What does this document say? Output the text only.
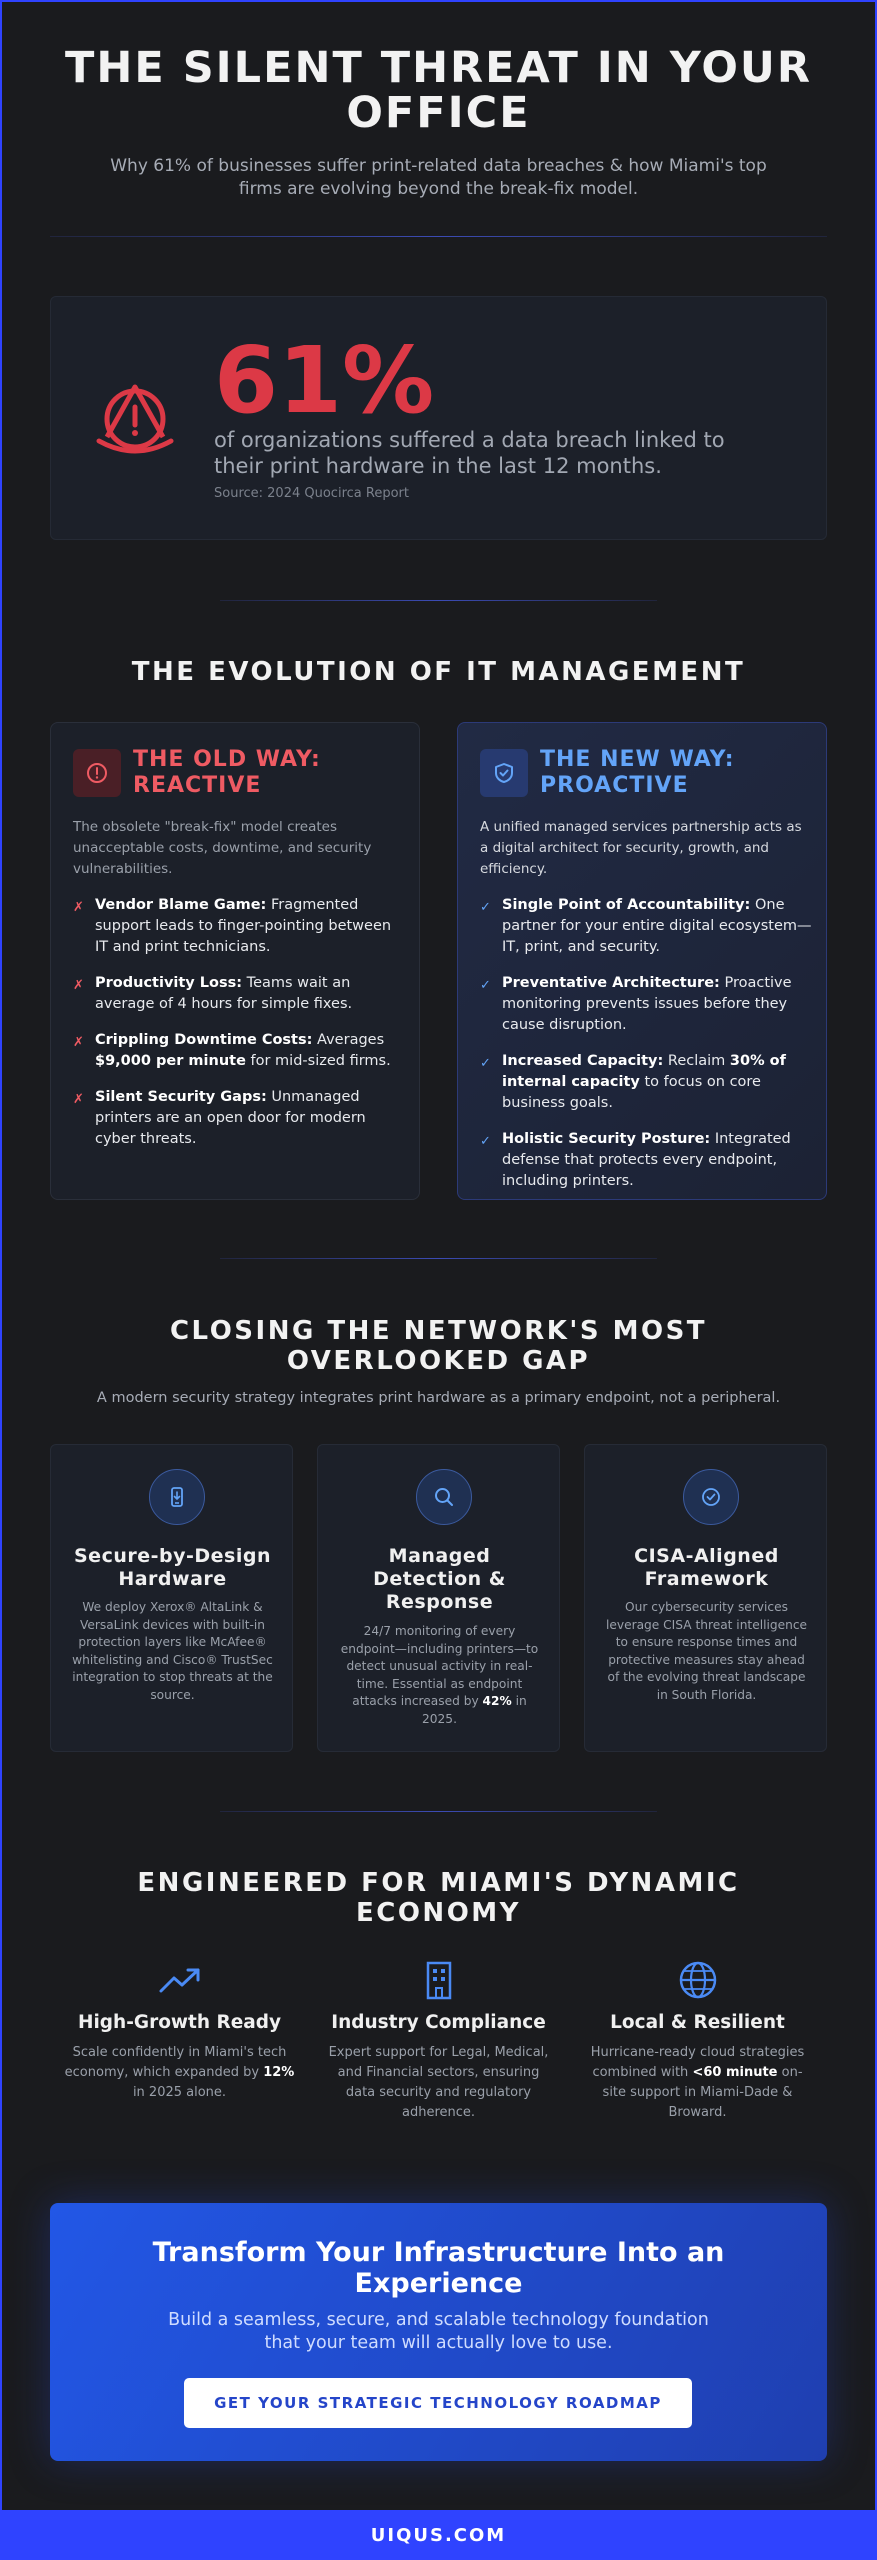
THE SILENT THREAT IN YOUR OFFICE

Why 61% of businesses suffer print-related data breaches & how Miami's top firms are evolving beyond the break-fix model.

61%
of organizations suffered a data breach linked to their print hardware in the last 12 months.
Source: 2024 Quocirca Report
THE EVOLUTION OF IT MANAGEMENT
THE OLD WAY: REACTIVE

The obsolete "break-fix" model creates unacceptable costs, downtime, and security vulnerabilities.

✗ Vendor Blame Game: Fragmented support leads to finger-pointing between IT and print technicians.
✗ Productivity Loss: Teams wait an average of 4 hours for simple fixes.
✗ Crippling Downtime Costs: Averages $9,000 per minute for mid-sized firms.
✗ Silent Security Gaps: Unmanaged printers are an open door for modern cyber threats.
THE NEW WAY: PROACTIVE

A unified managed services partnership acts as a digital architect for security, growth, and efficiency.

✓ Single Point of Accountability: One partner for your entire digital ecosystem—IT, print, and security.
✓ Preventative Architecture: Proactive monitoring prevents issues before they cause disruption.
✓ Increased Capacity: Reclaim 30% of internal capacity to focus on core business goals.
✓ Holistic Security Posture: Integrated defense that protects every endpoint, including printers.
CLOSING THE NETWORK'S MOST OVERLOOKED GAP

A modern security strategy integrates print hardware as a primary endpoint, not a peripheral.

Secure-by-Design Hardware
We deploy Xerox® AltaLink & VersaLink devices with built-in protection layers like McAfee® whitelisting and Cisco® TrustSec integration to stop threats at the source.
Managed Detection & Response
24/7 monitoring of every endpoint—including printers—to detect unusual activity in real-time. Essential as endpoint attacks increased by 42% in 2025.
CISA-Aligned Framework
Our cybersecurity services leverage CISA threat intelligence to ensure response times and protective measures stay ahead of the evolving threat landscape in South Florida.
ENGINEERED FOR MIAMI'S DYNAMIC ECONOMY
High-Growth Ready
Scale confidently in Miami's tech economy, which expanded by 12% in 2025 alone.
Industry Compliance
Expert support for Legal, Medical, and Financial sectors, ensuring data security and regulatory adherence.
Local & Resilient
Hurricane-ready cloud strategies combined with <60 minute on-site support in Miami-Dade & Broward.
Transform Your Infrastructure Into an Experience
Build a seamless, secure, and scalable technology foundation that your team will actually love to use.
GET YOUR STRATEGIC TECHNOLOGY ROADMAP
UIQUS.COM
